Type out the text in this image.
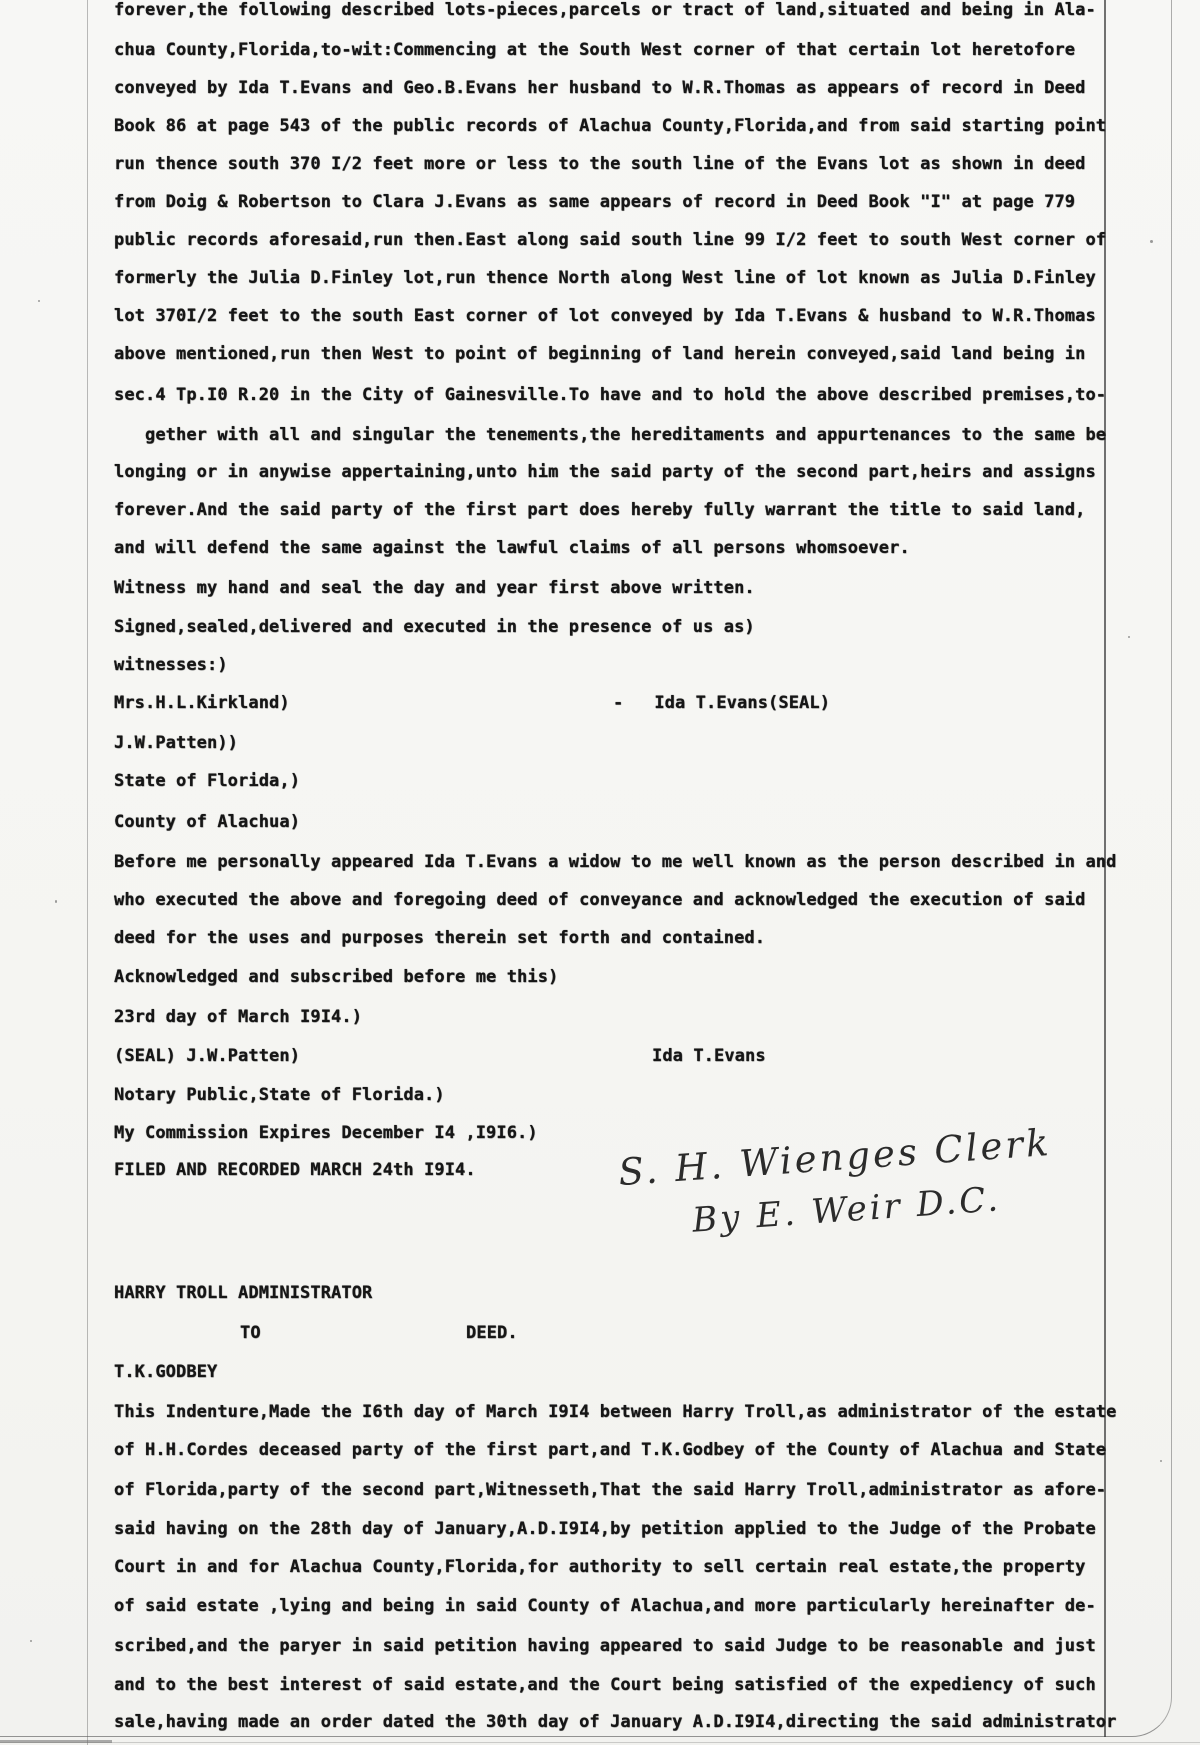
forever,the following described lots-pieces,parcels or tract of land,situated and being in Ala-
chua County,Florida,to-wit:Commencing at the South West corner of that certain lot heretofore
conveyed by Ida T.Evans and Geo.B.Evans her husband to W.R.Thomas as appears of record in Deed
Book 86 at page 543 of the public records of Alachua County,Florida,and from said starting point
run thence south 370 I/2 feet more or less to the south line of the Evans lot as shown in deed
from Doig & Robertson to Clara J.Evans as same appears of record in Deed Book "I" at page 779
public records aforesaid,run then.East along said south line 99 I/2 feet to south West corner of
formerly the Julia D.Finley lot,run thence North along West line of lot known as Julia D.Finley
lot 370I/2 feet to the south East corner of lot conveyed by Ida T.Evans & husband to W.R.Thomas
above mentioned,run then West to point of beginning of land herein conveyed,said land being in
sec.4 Tp.I0 R.20 in the City of Gainesville.To have and to hold the above described premises,to-
gether with all and singular the tenements,the hereditaments and appurtenances to the same be
longing or in anywise appertaining,unto him the said party of the second part,heirs and assigns
forever.And the said party of the first part does hereby fully warrant the title to said land,
and will defend the same against the lawful claims of all persons whomsoever.
Witness my hand and seal the day and year first above written.
Signed,sealed,delivered and executed in the presence of us as)
witnesses:)
Mrs.H.L.Kirkland)	-   Ida T.Evans(SEAL)
J.W.Patten))
State of Florida,)
County of Alachua)
Before me personally appeared Ida T.Evans a widow to me well known as the person described in and
who executed the above and foregoing deed of conveyance and acknowledged the execution of said
deed for the uses and purposes therein set forth and contained.
Acknowledged and subscribed before me this)
23rd day of March I9I4.)
(SEAL) J.W.Patten)	Ida T.Evans
Notary Public,State of Florida.)
My Commission Expires December I4 ,I9I6.)
FILED AND RECORDED MARCH 24th I9I4.
HARRY TROLL ADMINISTRATOR
TO	DEED.
T.K.GODBEY
This Indenture,Made the I6th day of March I9I4 between Harry Troll,as administrator of the estate
of H.H.Cordes deceased party of the first part,and T.K.Godbey of the County of Alachua and State
of Florida,party of the second part,Witnesseth,That the said Harry Troll,administrator as afore-
said having on the 28th day of January,A.D.I9I4,by petition applied to the Judge of the Probate
Court in and for Alachua County,Florida,for authority to sell certain real estate,the property
of said estate ,lying and being in said County of Alachua,and more particularly hereinafter de-
scribed,and the paryer in said petition having appeared to said Judge to be reasonable and just
and to the best interest of said estate,and the Court being satisfied of the expediency of such
sale,having made an order dated the 30th day of January A.D.I9I4,directing the said administrator
S. H. Wienges Clerk
By E. Weir D.C.
